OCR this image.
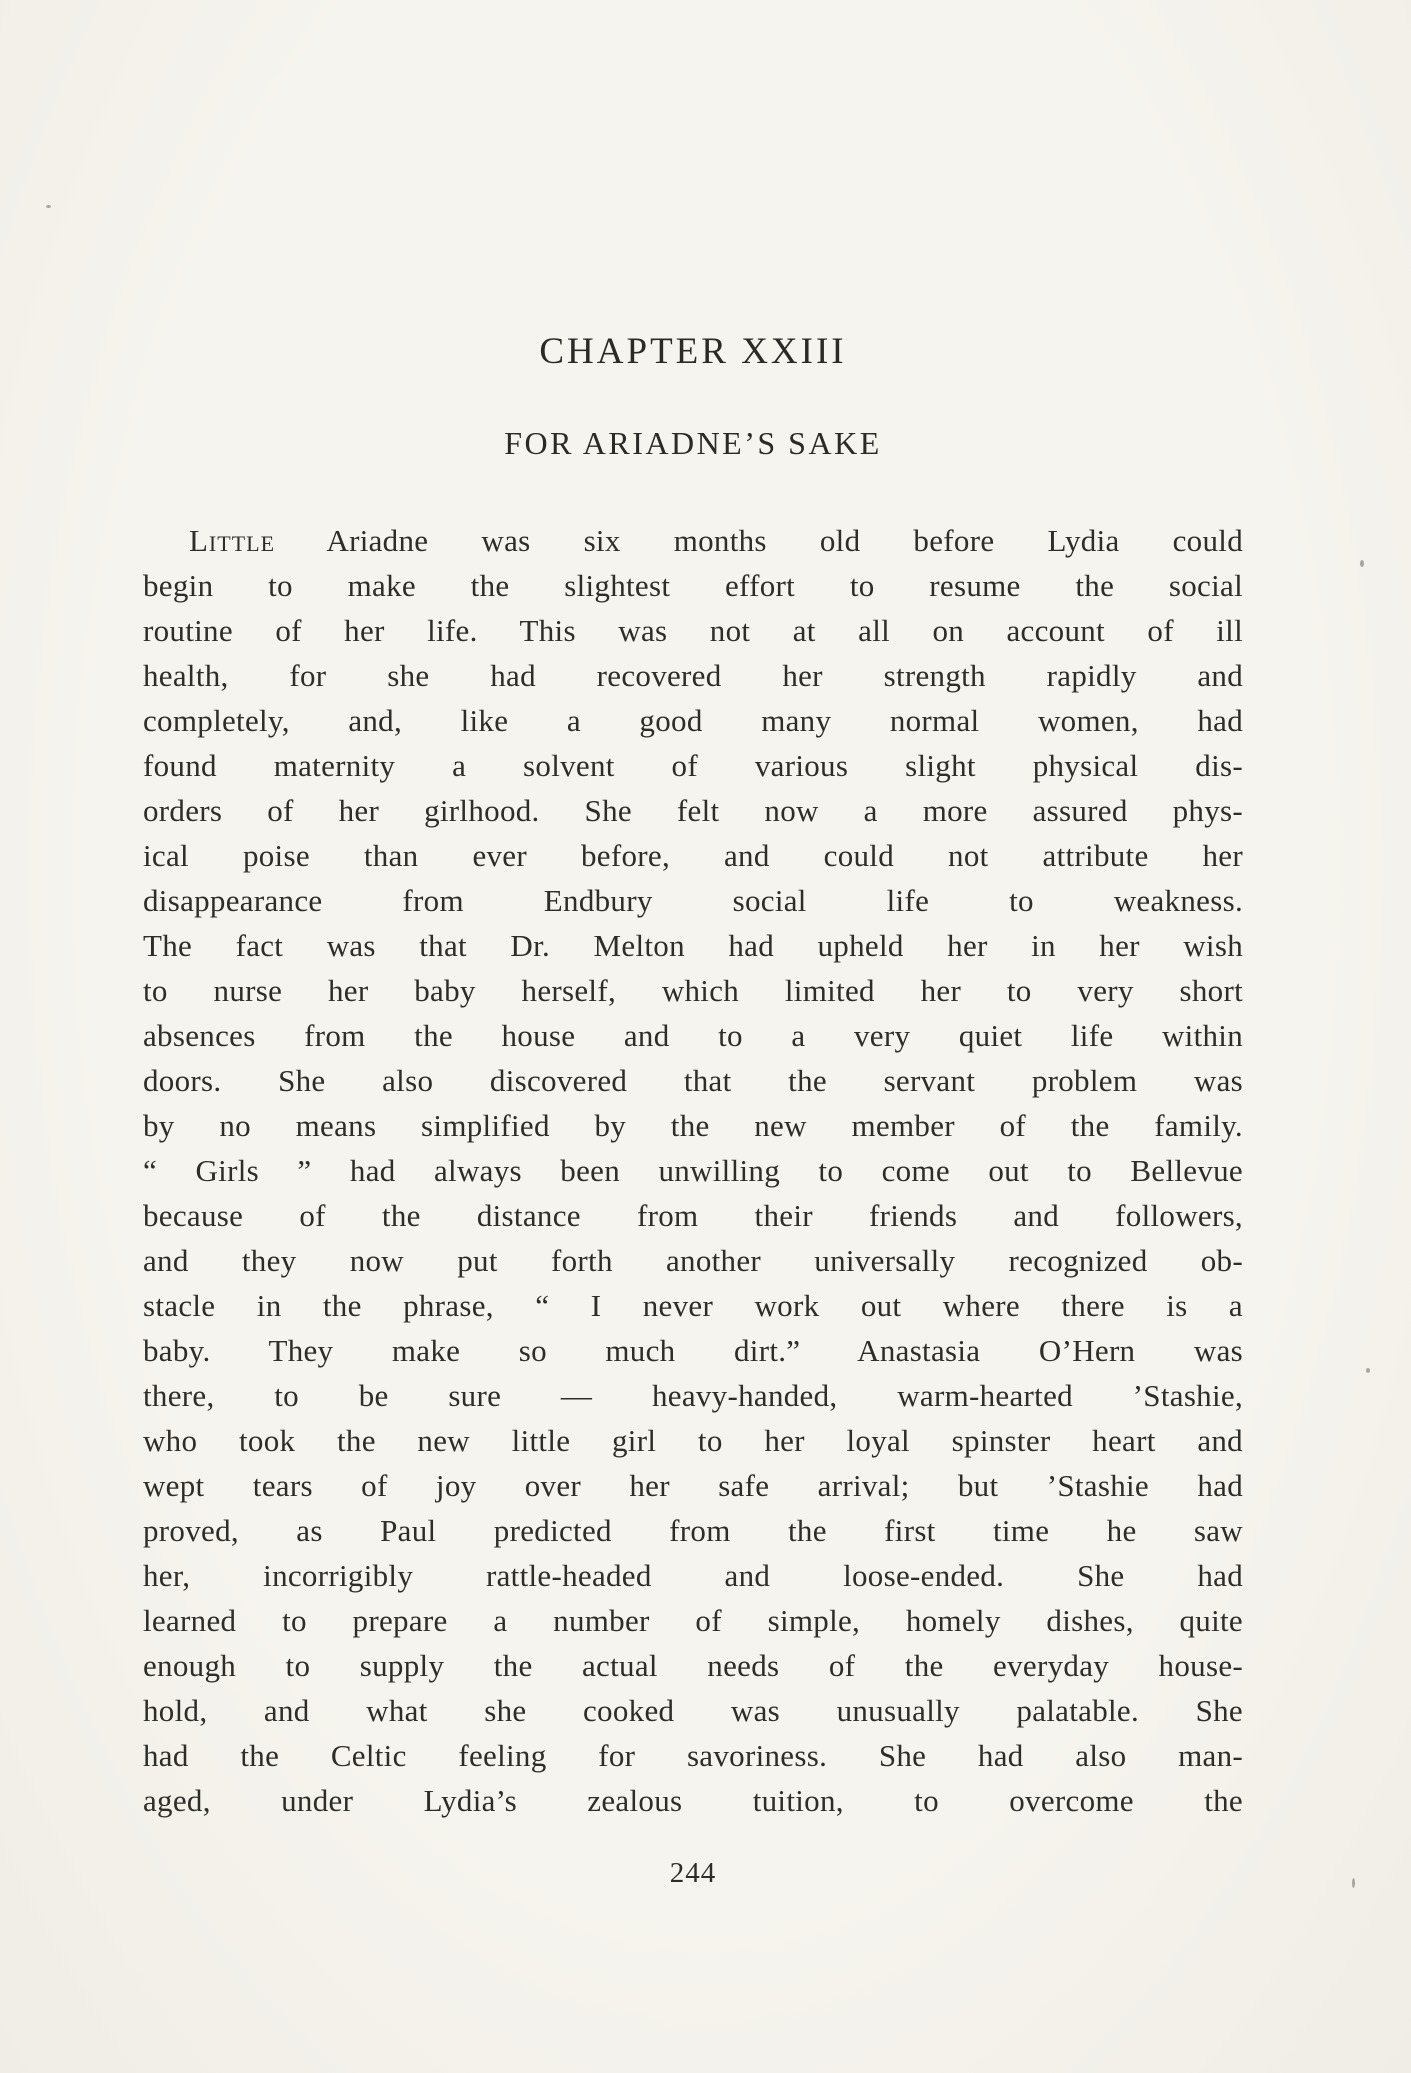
CHAPTER XXIII
FOR ARIADNE’S SAKE
Little Ariadne was six months old before Lydia could
begin to make the slightest effort to resume the social
routine of her life. This was not at all on account of ill
health, for she had recovered her strength rapidly and
completely, and, like a good many normal women, had
found maternity a solvent of various slight physical dis-
orders of her girlhood. She felt now a more assured phys-
ical poise than ever before, and could not attribute her
disappearance from Endbury social life to weakness.
The fact was that Dr. Melton had upheld her in her wish
to nurse her baby herself, which limited her to very short
absences from the house and to a very quiet life within
doors. She also discovered that the servant problem was
by no means simplified by the new member of the family.
“ Girls ” had always been unwilling to come out to Bellevue
because of the distance from their friends and followers,
and they now put forth another universally recognized ob-
stacle in the phrase, “ I never work out where there is a
baby. They make so much dirt.” Anastasia O’Hern was
there, to be sure — heavy-handed, warm-hearted ’Stashie,
who took the new little girl to her loyal spinster heart and
wept tears of joy over her safe arrival; but ’Stashie had
proved, as Paul predicted from the first time he saw
her, incorrigibly rattle-headed and loose-ended. She had
learned to prepare a number of simple, homely dishes, quite
enough to supply the actual needs of the everyday house-
hold, and what she cooked was unusually palatable. She
had the Celtic feeling for savoriness. She had also man-
aged, under Lydia’s zealous tuition, to overcome the
244
